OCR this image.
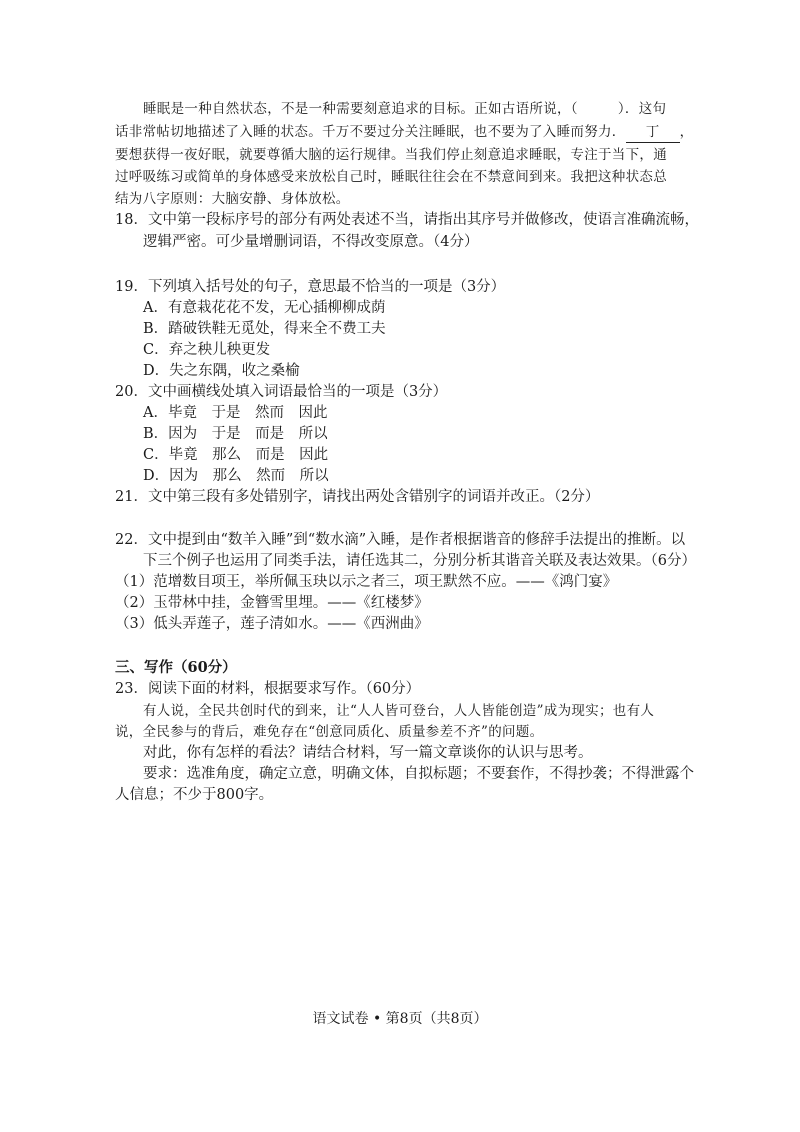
睡眠是一种自然状态，不是一种需要刻意追求的目标。正如古语所说，（	）．这句
话非常帖切地描述了入睡的状态。千万不要过分关注睡眠，也不要为了入睡而努力． 丁 ，
要想获得一夜好眠，就要尊循大脑的运行规律。当我们停止刻意追求睡眠，专注于当下，通
过呼吸练习或简单的身体感受来放松自己时，睡眠往往会在不禁意间到来。我把这种状态总
结为八字原则：大脑安静、身体放松。
18．文中第一段标序号的部分有两处表述不当，请指出其序号并做修改，使语言准确流畅，
逻辑严密。可少量增删词语，不得改变原意。（4分）
19．下列填入括号处的句子，意思最不恰当的一项是（3分）
A．有意栽花花不发，无心插柳柳成荫
B．踏破铁鞋无觅处，得来全不费工夫
C．弃之秧儿秧更发
D．失之东隅，收之桑榆
20．文中画横线处填入词语最恰当的一项是（3分）
A．毕竟　于是　然而　因此
B．因为　于是　而是　所以
C．毕竟　那么　而是　因此
D．因为　那么　然而　所以
21．文中第三段有多处错别字，请找出两处含错别字的词语并改正。（2分）
22．文中提到由“数羊入睡”到“数水滴”入睡，是作者根据谐音的修辞手法提出的推断。以
下三个例子也运用了同类手法，请任选其二，分别分析其谐音关联及表达效果。（6分）
（1）范增数目项王，举所佩玉玦以示之者三，项王默然不应。——《鸿门宴》
（2）玉带林中挂，金簪雪里埋。——《红楼梦》
（3）低头弄莲子，莲子清如水。——《西洲曲》
三、写作（60分）
23．阅读下面的材料，根据要求写作。（60分）
有人说，全民共创时代的到来，让“人人皆可登台，人人皆能创造”成为现实；也有人
说，全民参与的背后，难免存在“创意同质化、质量参差不齐”的问题。
对此，你有怎样的看法？请结合材料，写一篇文章谈你的认识与思考。
要求：选准角度，确定立意，明确文体，自拟标题；不要套作，不得抄袭；不得泄露个
人信息；不少于800字。
语文试卷 • 第8页（共8页）
